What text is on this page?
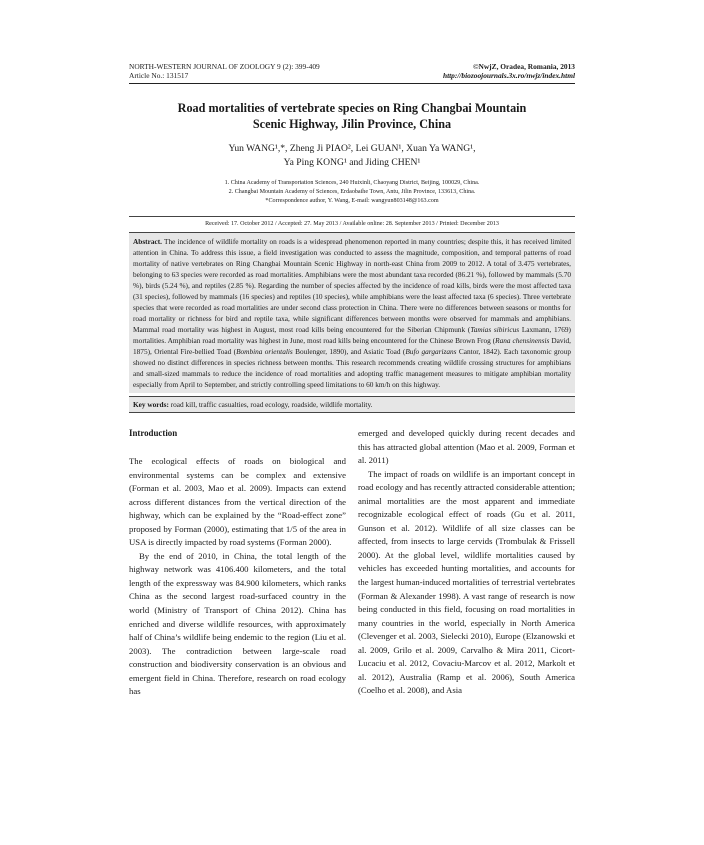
NORTH-WESTERN JOURNAL OF ZOOLOGY 9 (2): 399-409
Article No.: 131517
©NwjZ, Oradea, Romania, 2013
http://biozoojournals.3x.ro/nwjz/index.html
Road mortalities of vertebrate species on Ring Changbai Mountain
Scenic Highway, Jilin Province, China
Yun WANG¹,*, Zheng Ji PIAO², Lei GUAN¹, Xuan Ya WANG¹,
Ya Ping KONG¹ and Jiding CHEN¹
1. China Academy of Transportation Sciences, 240 Huixinli, Chaoyang District, Beijing, 100029, China.
2. Changbai Mountain Academy of Sciences, Erdaobaihe Town, Antu, Jilin Province, 133613, China.
*Correspondence author, Y. Wang, E-mail: wangyun803148@163.com
Received: 17. October 2012 / Accepted: 27. May 2013 / Available online: 28. September 2013 / Printed: December 2013
Abstract. The incidence of wildlife mortality on roads is a widespread phenomenon reported in many countries; despite this, it has received limited attention in China. To address this issue, a field investigation was conducted to assess the magnitude, composition, and temporal patterns of road mortality of native vertebrates on Ring Changbai Mountain Scenic Highway in north-east China from 2009 to 2012. A total of 3.475 vertebrates, belonging to 63 species were recorded as road mortalities. Amphibians were the most abundant taxa recorded (86.21 %), followed by mammals (5.70 %), birds (5.24 %), and reptiles (2.85 %). Regarding the number of species affected by the incidence of road kills, birds were the most affected taxa (31 species), followed by mammals (16 species) and reptiles (10 species), while amphibians were the least affected taxa (6 species). Three vertebrate species that were recorded as road mortalities are under second class protection in China. There were no differences between seasons or months for road mortality or richness for bird and reptile taxa, while significant differences between months were observed for mammals and amphibians. Mammal road mortality was highest in August, most road kills being encountered for the Siberian Chipmunk (Tamias sibiricus Laxmann, 1769) mortalities. Amphibian road mortality was highest in June, most road kills being encountered for the Chinese Brown Frog (Rana chensinensis David, 1875), Oriental Fire-bellied Toad (Bombina orientalis Boulenger, 1890), and Asiatic Toad (Bufo gargarizans Cantor, 1842). Each taxonomic group showed no distinct differences in species richness between months. This research recommends creating wildlife crossing structures for amphibians and small-sized mammals to reduce the incidence of road mortalities and adopting traffic management measures to mitigate amphibian mortality especially from April to September, and strictly controlling speed limitations to 60 km/h on this highway.
Key words: road kill, traffic casualties, road ecology, roadside, wildlife mortality.
Introduction

The ecological effects of roads on biological and environmental systems can be complex and extensive (Forman et al. 2003, Mao et al. 2009). Impacts can extend across different distances from the vertical direction of the highway, which can be explained by the “Road-effect zone” proposed by Forman (2000), estimating that 1/5 of the area in USA is directly impacted by road systems (Forman 2000).

By the end of 2010, in China, the total length of the highway network was 4106.400 kilometers, and the total length of the expressway was 84.900 kilometers, which ranks China as the second largest road-surfaced country in the world (Ministry of Transport of China 2012). China has enriched and diverse wildlife resources, with approximately half of China’s wildlife being endemic to the region (Liu et al. 2003). The contradiction between large-scale road construction and biodiversity conservation is an obvious and emergent field in China. Therefore, research on road ecology has

emerged and developed quickly during recent decades and this has attracted global attention (Mao et al. 2009, Forman et al. 2011)

The impact of roads on wildlife is an important concept in road ecology and has recently attracted considerable attention; animal mortalities are the most apparent and immediate recognizable ecological effect of roads (Gu et al. 2011, Gunson et al. 2012). Wildlife of all size classes can be affected, from insects to large cervids (Trombulak & Frissell 2000). At the global level, wildlife mortalities caused by vehicles has exceeded hunting mortalities, and accounts for the largest human-induced mortalities of terrestrial vertebrates (Forman & Alexander 1998). A vast range of research is now being conducted in this field, focusing on road mortalities in many countries in the world, especially in North America (Clevenger et al. 2003, Sielecki 2010), Europe (Elzanowski et al. 2009, Grilo et al. 2009, Carvalho & Mira 2011, Cicort-Lucaciu et al. 2012, Covaciu-Marcov et al. 2012, Markolt et al. 2012), Australia (Ramp et al. 2006), South America (Coelho et al. 2008), and Asia
